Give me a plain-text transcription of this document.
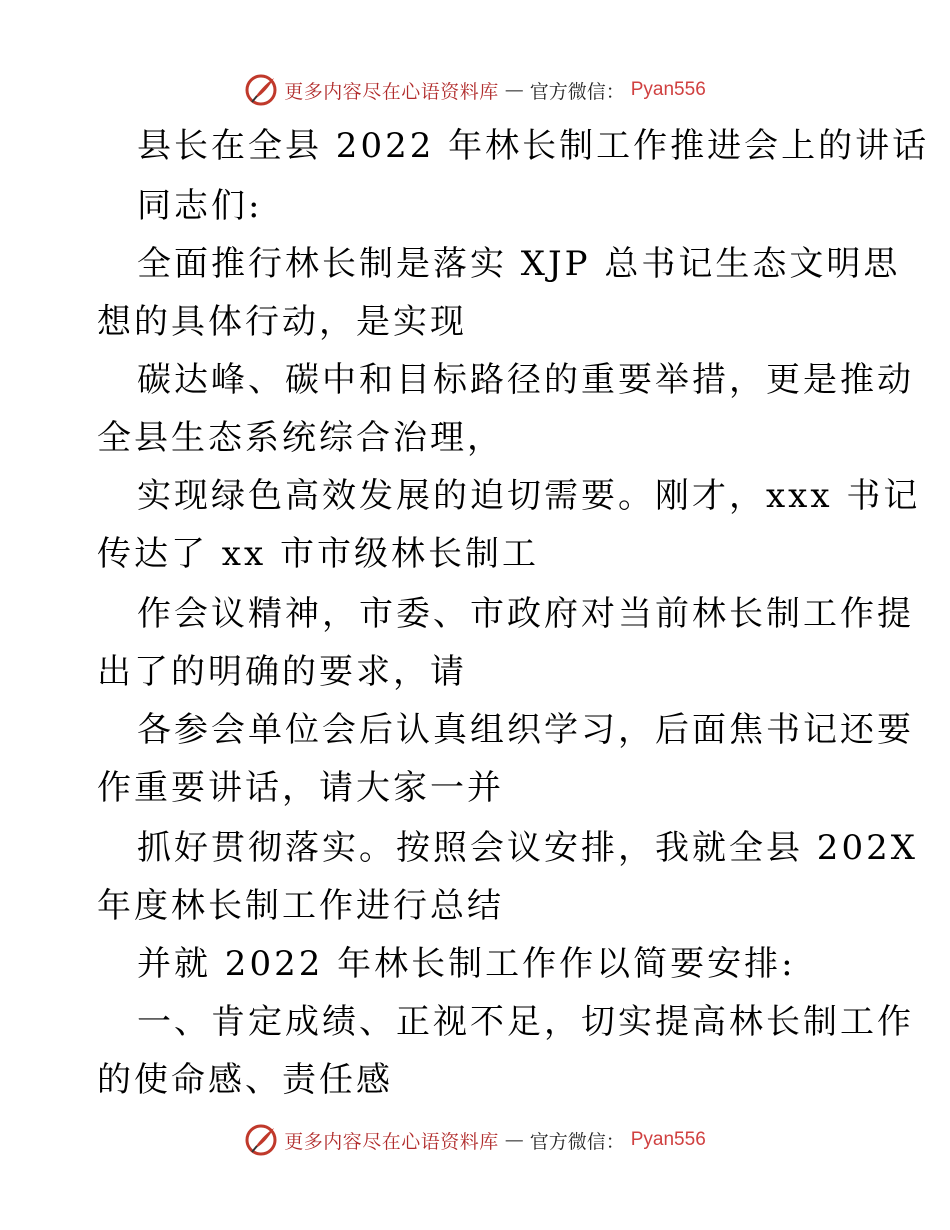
更多内容尽在心语资料库 — 官方微信： Pyan556
县长在全县 2022 年林长制工作推进会上的讲话
同志们:
全面推行林长制是落实 XJP 总书记生态文明思
想的具体行动，是实现
碳达峰、碳中和目标路径的重要举措，更是推动
全县生态系统综合治理，
实现绿色高效发展的迫切需要。刚才，xxx 书记
传达了 xx 市市级林长制工
作会议精神，市委、市政府对当前林长制工作提
出了的明确的要求，请
各参会单位会后认真组织学习，后面焦书记还要
作重要讲话，请大家一并
抓好贯彻落实。按照会议安排，我就全县 202X
年度林长制工作进行总结
并就 2022 年林长制工作作以简要安排:
一、肯定成绩、正视不足，切实提高林长制工作
的使命感、责任感
更多内容尽在心语资料库 — 官方微信： Pyan556
